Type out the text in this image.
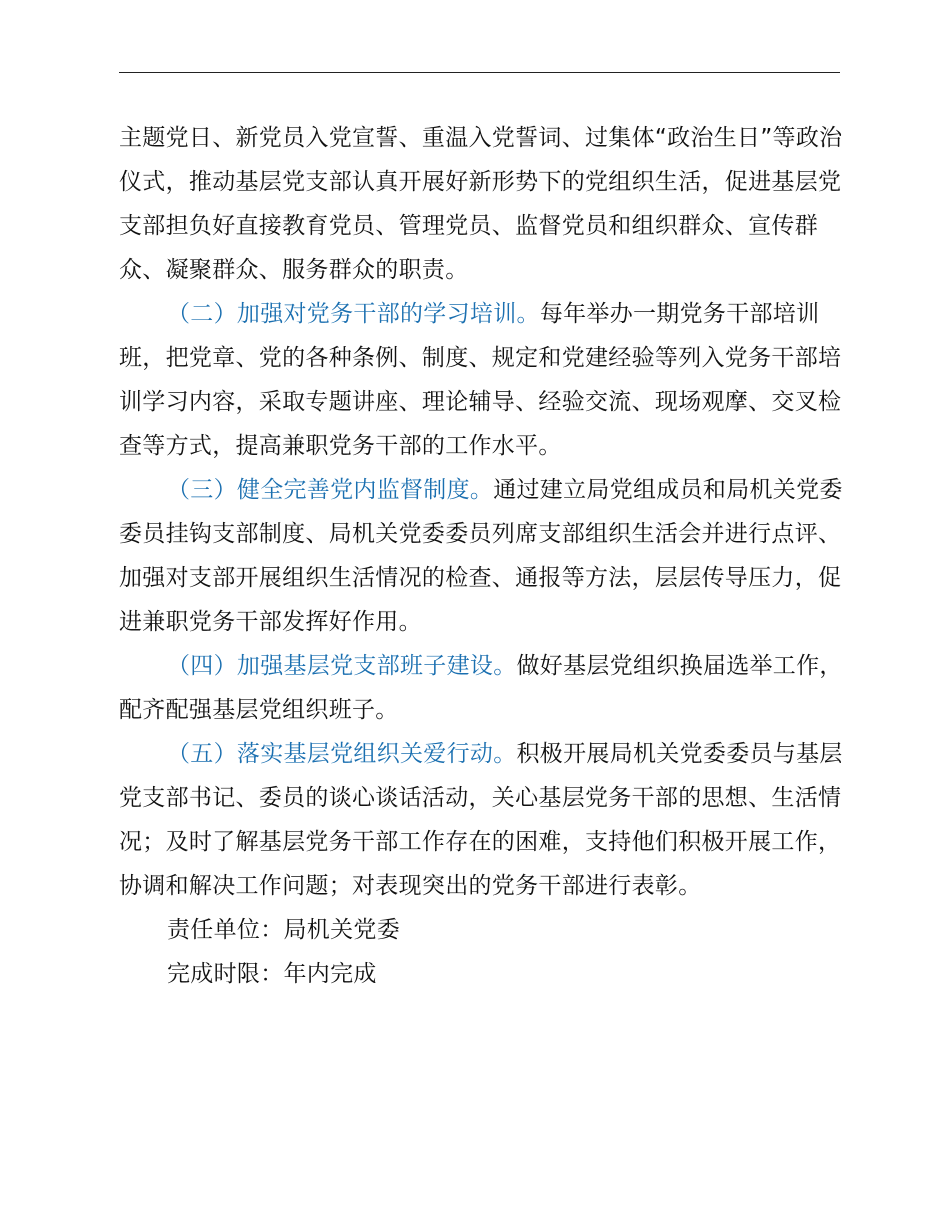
主题党日、新党员入党宣誓、重温入党誓词、过集体“政治生日”等政治仪式，推动基层党支部认真开展好新形势下的党组织生活，促进基层党支部担负好直接教育党员、管理党员、监督党员和组织群众、宣传群众、凝聚群众、服务群众的职责。

（二）加强对党务干部的学习培训。每年举办一期党务干部培训班，把党章、党的各种条例、制度、规定和党建经验等列入党务干部培训学习内容，采取专题讲座、理论辅导、经验交流、现场观摩、交叉检查等方式，提高兼职党务干部的工作水平。

（三）健全完善党内监督制度。通过建立局党组成员和局机关党委委员挂钩支部制度、局机关党委委员列席支部组织生活会并进行点评、加强对支部开展组织生活情况的检查、通报等方法，层层传导压力，促进兼职党务干部发挥好作用。

（四）加强基层党支部班子建设。做好基层党组织换届选举工作，配齐配强基层党组织班子。

（五）落实基层党组织关爱行动。积极开展局机关党委委员与基层党支部书记、委员的谈心谈话活动，关心基层党务干部的思想、生活情况；及时了解基层党务干部工作存在的困难，支持他们积极开展工作，协调和解决工作问题；对表现突出的党务干部进行表彰。

责任单位：局机关党委

完成时限：年内完成
